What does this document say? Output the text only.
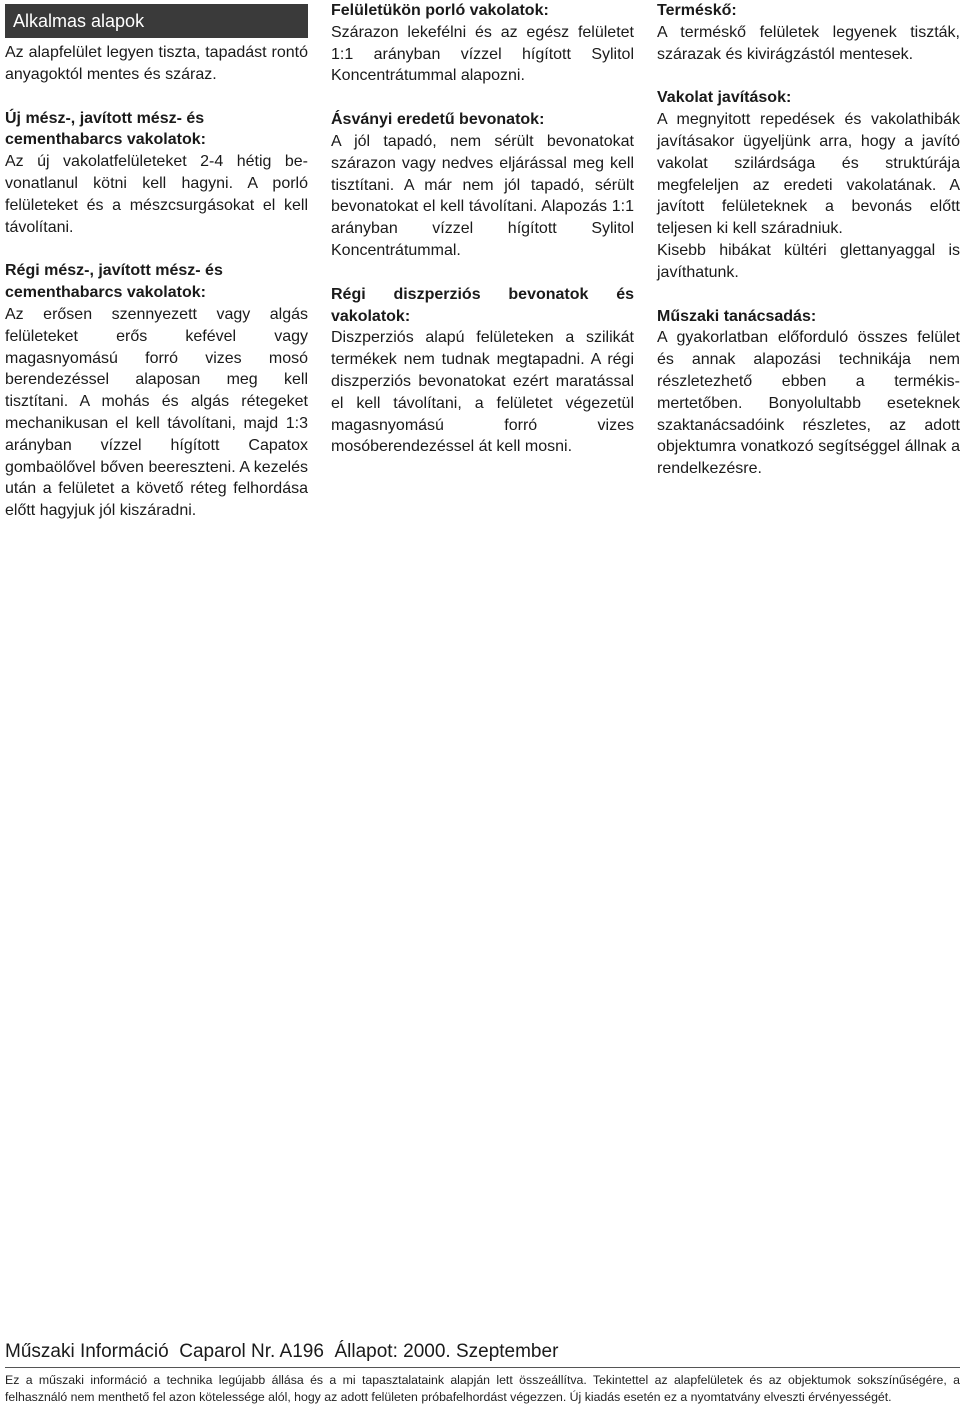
Alkalmas alapok

Az alapfelület legyen tiszta, tapadást rontó anyagoktól mentes és száraz.

Új mész-, javított mész- és
cementhabarcs vakolatok:

Az új vakolatfelületeket 2-4 hétig bevonatlanul kötni kell hagyni. A porló felületeket és a mészcsurgásokat el kell távolítani.

Régi mész-, javított mész- és
cementhabarcs vakolatok:

Az erősen szennyezett vagy algás felületeket erős kefével vagy magasnyomású forró vizes mosó berendezéssel alaposan meg kell tisztítani. A mohás és algás rétegeket mechanikusan el kell távolítani, majd 1:3 arányban vízzel hígított Capatox gombaölővel bőven beereszteni. A kezelés után a felületet a követő réteg felhordása előtt hagyjuk jól kiszáradni.

Felületükön porló vakolatok:

Szárazon lekefélni és az egész felületet 1:1 arányban vízzel hígított Sylitol Koncentrátummal alapozni.

Ásványi eredetű bevonatok:

A jól tapadó, nem sérült bevonatokat szárazon vagy nedves eljárással meg kell tisztítani. A már nem jól tapadó, sérült bevonatokat el kell távolítani. Alapozás 1:1 arányban vízzel hígított Sylitol Koncentrátummal.

Régi diszperziós bevonatok és
vakolatok:

Diszperziós alapú felületeken a szilikát termékek nem tudnak megtapadni. A régi diszperziós bevonatokat ezért maratással el kell távolítani, a felületet végezetül magasnyomású forró vizes mosóberendezéssel át kell mosni.

Terméskő:

A terméskő felületek legyenek tiszták, szárazak és kivirágzástól mentesek.

Vakolat javítások:

A megnyitott repedések és vakolathibák javításakor ügyeljünk arra, hogy a javító vakolat szilárdsága és struktúrája megfeleljen az eredeti vakolatának. A javított felületeknek a bevonás előtt teljesen ki kell száradniuk.

Kisebb hibákat kültéri glettanyaggal is javíthatunk.

Műszaki tanácsadás:

A gyakorlatban előforduló összes felület és annak alapozási technikája nem részletezhető ebben a termékismertetőben. Bonyolultabb eseteknek szaktanácsadóink részletes, az adott objektumra vonatkozó segítséggel állnak a rendelkezésre.

Műszaki Információ  Caparol Nr. A196  Állapot: 2000. Szeptember
Ez a műszaki információ a technika legújabb állása és a mi tapasztalataink alapján lett összeállítva. Tekintettel az alapfelületek és az objektumok sokszínűségére, a felhasználó nem menthető fel azon kötelessége alól, hogy az adott felületen próbafelhordást végezzen. Új kiadás esetén ez a nyomtatvány elveszti érvényességét.
